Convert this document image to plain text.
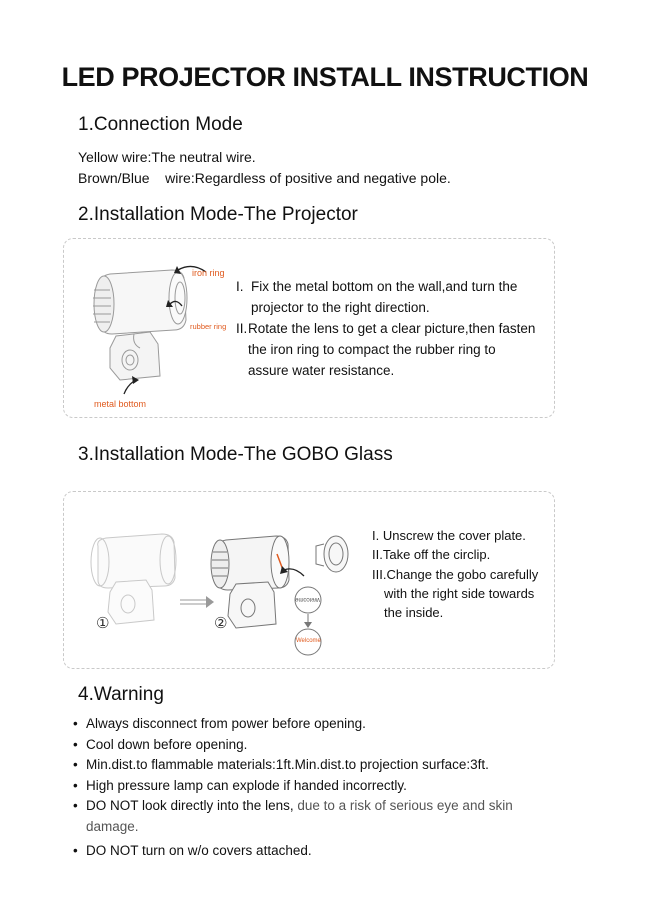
LED PROJECTOR INSTALL INSTRUCTION
1.Connection Mode
Yellow wire:The neutral wire.
Brown/Blue    wire:Regardless of positive and negative pole.
2.Installation Mode-The Projector
iron ring
rubber ring
metal bottom
I. Fix the metal bottom on the wall,and turn the projector to the right direction.
II. Rotate the lens to get a clear picture,then fasten the iron ring to compact the rubber ring to assure water resistance.
3.Installation Mode-The GOBO Glass
Welcome
Welcome
①	②
I. Unscrew the cover plate.
II.Take off the circlip.
III.Change the gobo carefully
with the right side towards
the inside.
4.Warning
• Always disconnect from power before opening.
• Cool down before opening.
• Min.dist.to flammable materials:1ft.Min.dist.to projection surface:3ft.
• High pressure lamp can explode if handed incorrectly.
• DO NOT look directly into the lens, due to a risk of serious eye and skin damage.
• DO NOT turn on w/o covers attached.
